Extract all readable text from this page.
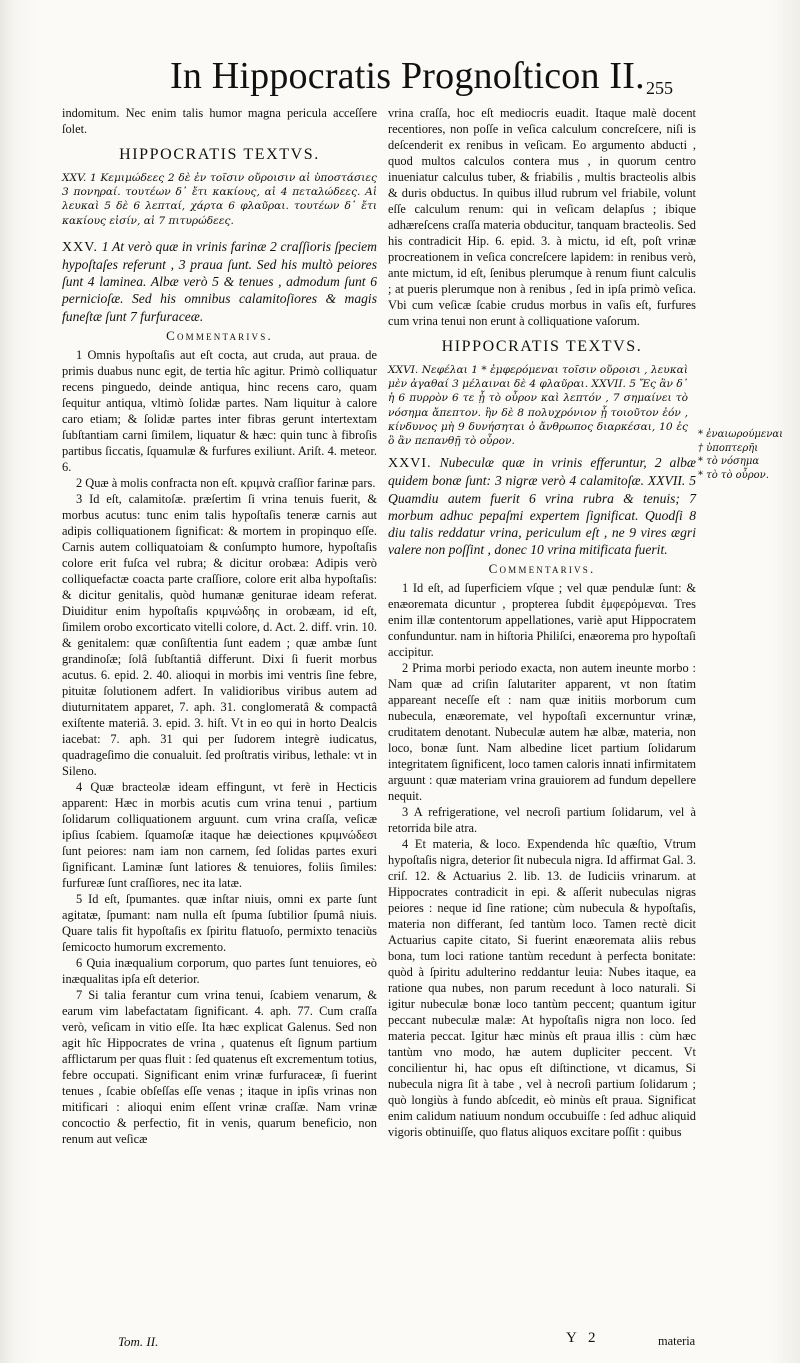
In Hippocratis Prognoſticon II. 255

indomitum. Nec enim talis humor magna pericula acceſſere ſolet.

HIPPOCRATIS TEXTVS.

ΧΧV. 1 Κεμιμώδεες 2 δὲ ἐν τοῖσιν οὔροισιν αἱ ὑποστάσιες 3 πονηραί. τουτέων δ᾽ ἔτι κακίους, αἱ 4 πεταλώδεες. Αἱ λευκαὶ 5 δὲ 6 λεπταί, χάρτα 6 φλαῦραι. τουτέων δ᾽ ἔτι κακίους εἰσίν, αἱ 7 πιτυρώδεες.

XXV. 1 At verò quæ in vrinis farinæ 2 craſſioris ſpeciem hypoſtaſes referunt , 3 praua ſunt. Sed his multò peiores ſunt 4 laminea. Albæ verò 5 & tenues , admodum ſunt 6 pernicioſæ. Sed his omnibus calamitoſiores & magis funeſtæ ſunt 7 furfuraceæ.

Commentarivs.

1 Omnis hypoſtaſis aut eſt cocta, aut cruda, aut praua. de primis duabus nunc egit, de tertia hîc agitur. Primò colliquatur recens pinguedo, deinde antiqua, hinc recens caro, quam ſequitur antiqua, vltimò ſolidæ partes. Nam liquitur à calore caro etiam; & ſolidæ partes inter fibras gerunt intertextam ſubſtantiam carni ſimilem, liquatur & hæc: quin tunc à fibroſis partibus ſiccatis, ſquamulæ & furfures exiliunt. Ariſt. 4. meteor. 6.

2 Quæ à molis confracta non eſt. κριμνὰ craſſior farinæ pars.

3 Id eſt, calamitoſæ. præſertim ſi vrina tenuis fuerit, & morbus acutus: tunc enim talis hypoſtaſis teneræ carnis aut adipis colliquationem ſignificat: & mortem in propinquo eſſe. Carnis autem colliquatoiam & conſumpto humore, hypoſtaſis colore erit fuſca vel rubra; & dicitur orobæa: Adipis verò colliquefactæ coacta parte craſſiore, colore erit alba hypoſtaſis: & dicitur genitalis, quòd humanæ geniturae ideam referat. Diuiditur enim hypoſtaſis κριμνώδης in orobæam, id eſt, ſimilem orobo excorticato vitelli colore, d. Act. 2. diff. vrin. 10. & genitalem: quæ conſiſtentia ſunt eadem ; quæ ambæ ſunt grandinoſæ; ſolâ ſubſtantiâ differunt. Dixi ſi fuerit morbus acutus. 6. epid. 2. 40. alioqui in morbis imi ventris ſine febre, pituitæ ſolutionem adfert. In validioribus viribus autem ad diuturnitatem apparet, 7. aph. 31. conglomeratâ & compactâ exiſtente materiâ. 3. epid. 3. hiſt. Vt in eo qui in horto Dealcis iacebat: 7. aph. 31 qui per ſudorem integrè iudicatus, quadrageſimo die conualuit. ſed proſtratis viribus, lethale: vt in Sileno.

4 Quæ bracteolæ ideam effingunt, vt ferè in Hecticis apparent: Hæc in morbis acutis cum vrina tenui , partium ſolidarum colliquationem arguunt. cum vrina craſſa, veſicæ ipſius ſcabiem. ſquamoſæ itaque hæ deiectiones κριμνώδεσι ſunt peiores: nam iam non carnem, ſed ſolidas partes exuri ſignificant. Laminæ ſunt latiores & tenuiores, foliis ſimiles: furfureæ ſunt craſſiores, nec ita latæ.

5 Id eſt, ſpumantes. quæ inſtar niuis, omni ex parte ſunt agitatæ, ſpumant: nam nulla eſt ſpuma ſubtilior ſpumâ niuis. Quare talis fit hypoſtaſis ex ſpiritu flatuoſo, permixto tenaciùs ſemicocto humorum excremento.

6 Quia inæqualium corporum, quo partes ſunt tenuiores, eò inæqualitas ipſa eſt deterior.

7 Si talia ferantur cum vrina tenui, ſcabiem venarum, & earum vim labefactatam ſignificant. 4. aph. 77. Cum craſſa verò, veſicam in vitio eſſe. Ita hæc explicat Galenus. Sed non agit hîc Hippocrates de vrina , quatenus eſt ſignum partium afflictarum per quas fluit : ſed quatenus eſt excrementum totius, febre occupati. Significant enim vrinæ furfuraceæ, ſi fuerint tenues , ſcabie obſeſſas eſſe venas ; itaque in ipſis vrinas non mitificari : alioqui enim eſſent vrinæ craſſæ. Nam vrinæ concoctio & perfectio, fit in venis, quarum beneficio, non renum aut veſicæ

vrina craſſa, hoc eſt mediocris euadit. Itaque malè docent recentiores, non poſſe in veſica calculum concreſcere, niſi is deſcenderit ex renibus in veſicam. Eo argumento abducti , quod multos calculos contera mus , in quorum centro inueniatur calculus tuber, & friabilis , multis bracteolis albis & duris obductus. In quibus illud rubrum vel friabile, volunt eſſe calculum renum: qui in veſicam delapſus ; ibique adhæreſcens craſſa materia obducitur, tanquam bracteolis. Sed his contradicit Hip. 6. epid. 3. à mictu, id eſt, poſt vrinæ procreationem in veſica concreſcere lapidem: in renibus verò, ante mictum, id eſt, ſenibus plerumque à renum fiunt calculis ; at pueris plerumque non à renibus , ſed in ipſa primò veſica. Vbi cum veſicæ ſcabie crudus morbus in vaſis eſt, furfures cum vrina tenui non erunt à colliquatione vaſorum.

HIPPOCRATIS TEXTVS.

ΧΧVΙ. Νεφέλαι 1 * ἐμφερόμεναι τοῖσιν οὔροισι , λευκαὶ μὲν ἀγαθαί 3 μέλαιναι δὲ 4 φλαῦραι. ΧΧVΙΙ. 5 Ἔς ἂν δ᾽ ἡ 6 πυρρὸν 6 τε ᾖ τὸ οὖρον καὶ λεπτόν , 7 σημαίνει τὸ νόσημα ἄπεπτον. ἢν δὲ 8 πολυχρόνιον ᾖ τοιοῦτον ἐόν , κίνδυνος μὴ 9 δυνήσηται ὁ ἄνθρωπος διαρκέσαι, 10 ἐς ὃ ἂν πεπανθῇ τὸ οὖρον.

XXVI. Nubeculæ quæ in vrinis efferuntur, 2 albæ quidem bonæ ſunt: 3 nigræ verò 4 calamitoſæ. XXVII. 5 Quamdiu autem fuerit 6 vrina rubra & tenuis; 7 morbum adhuc pepaſmi expertem ſignificat. Quodſi 8 diu talis reddatur vrina, periculum eſt , ne 9 vires ægri valere non poſſint , donec 10 vrina mitificata fuerit.

Commentarivs.

1 Id eſt, ad ſuperficiem vſque ; vel quæ pendulæ ſunt: & enæoremata dicuntur , propterea ſubdit ἐμφερόμεναι. Tres enim illæ contentorum appellationes, variè aput Hippocratem confunduntur. nam in hiſtoria Philiſci, enæorema pro hypoſtaſi accipitur.

2 Prima morbi periodo exacta, non autem ineunte morbo : Nam quæ ad criſin ſalutariter apparent, vt non ſtatim appareant neceſſe eſt : nam quæ initiis morborum cum nubecula, enæoremate, vel hypoſtaſi excernuntur vrinæ, cruditatem denotant. Nubeculæ autem hæ albæ, materia, non loco, bonæ ſunt. Nam albedine licet partium ſolidarum integritatem ſignificent, loco tamen caloris innati infirmitatem arguunt : quæ materiam vrina grauiorem ad fundum depellere nequit.

3 A refrigeratione, vel necroſi partium ſolidarum, vel à retorrida bile atra.

4 Et materia, & loco. Expendenda hîc quæſtio, Vtrum hypoſtaſis nigra, deterior ſit nubecula nigra. Id affirmat Gal. 3. criſ. 12. & Actuarius 2. lib. 13. de Iudiciis vrinarum. at Hippocrates contradicit in epi. & aſſerit nubeculas nigras peiores : neque id ſine ratione; cùm nubecula & hypoſtaſis, materia non differant, ſed tantùm loco. Tamen rectè dicit Actuarius capite citato, Si fuerint enæoremata aliis rebus bona, tum loci ratione tantùm recedunt à perfecta bonitate: quòd à ſpiritu adulterino reddantur leuia: Nubes itaque, ea ratione qua nubes, non parum recedunt à loco naturali. Si igitur nubeculæ bonæ loco tantùm peccent; quantum igitur peccant nubeculæ malæ: At hypoſtaſis nigra non loco. ſed materia peccat. Igitur hæc minùs eſt praua illis : cùm hæc tantùm vno modo, hæ autem dupliciter peccent. Vt concilientur hi, hac opus eſt diſtinctione, vt dicamus, Si nubecula nigra ſit à tabe , vel à necroſi partium ſolidarum ; quò longiùs à fundo abſcedit, eò minùs eſt praua. Significat enim calidum natiuum nondum occubuiſſe : ſed adhuc aliquid vigoris obtinuiſſe, quo flatus aliquos excitare poſſit : quibus

* ἐναιωρούμεναι
† ὑποπτερῆι
* τὸ νόσημα
* τὸ τὸ οὖρον.
Tom. II.	Y 2	materia
